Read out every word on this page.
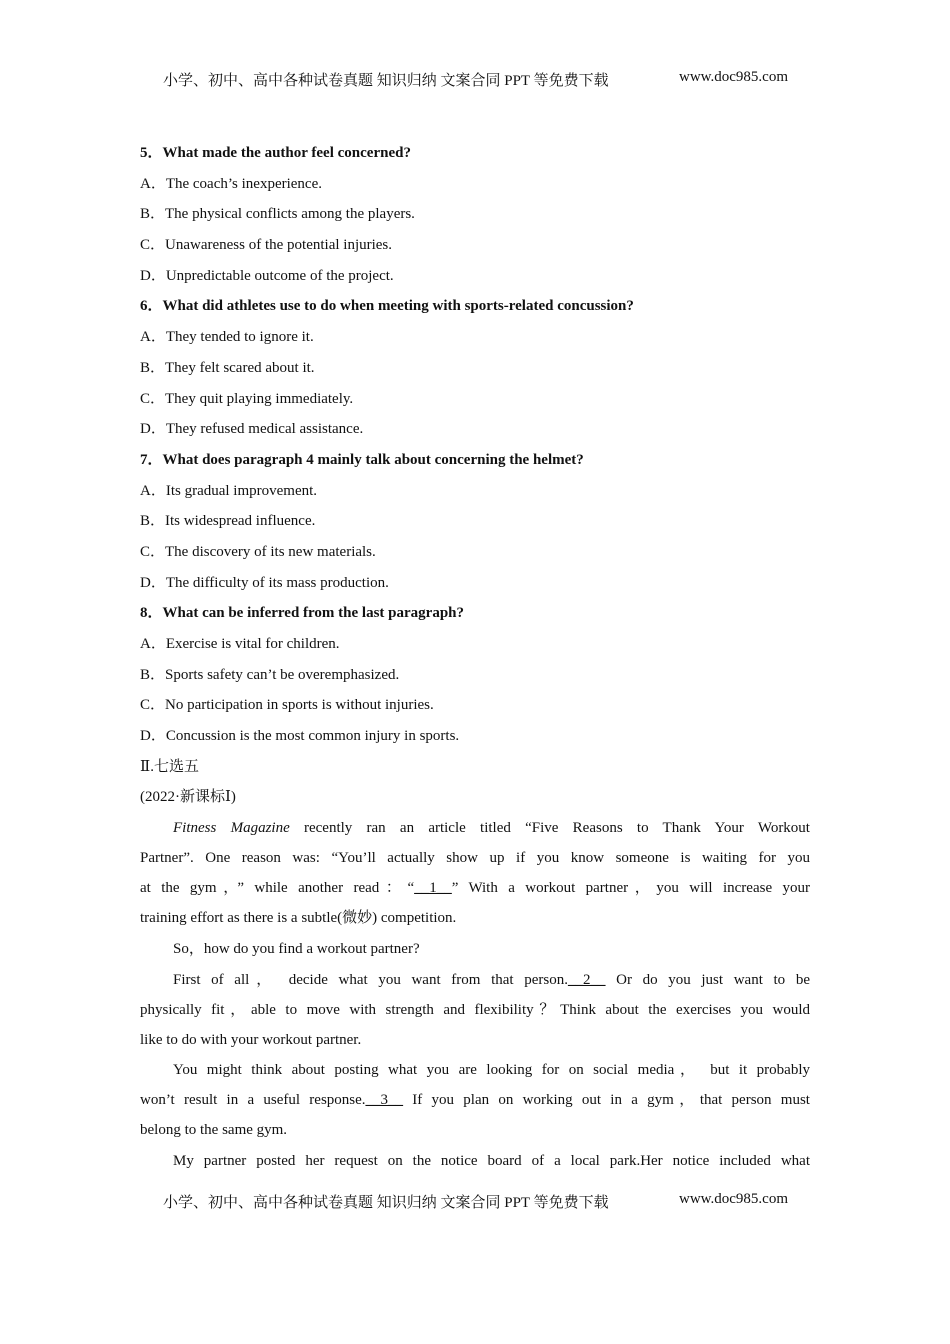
小学、初中、高中各种试卷真题 知识归纳 文案合同 PPT 等免费下载	www.doc985.com
5．What made the author feel concerned?
A．The coach’s inexperience.
B．The physical conflicts among the players.
C．Unawareness of the potential injuries.
D．Unpredictable outcome of the project.
6．What did athletes use to do when meeting with sports-related concussion?
A．They tended to ignore it.
B．They felt scared about it.
C．They quit playing immediately.
D．They refused medical assistance.
7．What does paragraph 4 mainly talk about concerning the helmet?
A．Its gradual improvement.
B．Its widespread influence.
C．The discovery of its new materials.
D．The difficulty of its mass production.
8．What can be inferred from the last paragraph?
A．Exercise is vital for children.
B．Sports safety can’t be overemphasized.
C．No participation in sports is without injuries.
D．Concussion is the most common injury in sports.
Ⅱ.七选五
(2022·新课标Ⅰ)
Fitness Magazine recently ran an article titled “Five Reasons to Thank Your Workout
Partner”. One reason was: “You’ll actually show up if you know someone is waiting for you
at the gym，” while another read：“__1__” With a workout partner，you will increase your
training effort as there is a subtle(微妙) competition.
So，how do you find a workout partner?
First of all， decide what you want from that person.__2__ Or do you just want to be
physically fit，able to move with strength and flexibility？Think about the exercises you would
like to do with your workout partner.
You might think about posting what you are looking for on social media， but it probably
won’t result in a useful response.__3__ If you plan on working out in a gym，that person must
belong to the same gym.
My partner posted her request on the notice board of a local park.Her notice included what
小学、初中、高中各种试卷真题 知识归纳 文案合同 PPT 等免费下载	www.doc985.com
